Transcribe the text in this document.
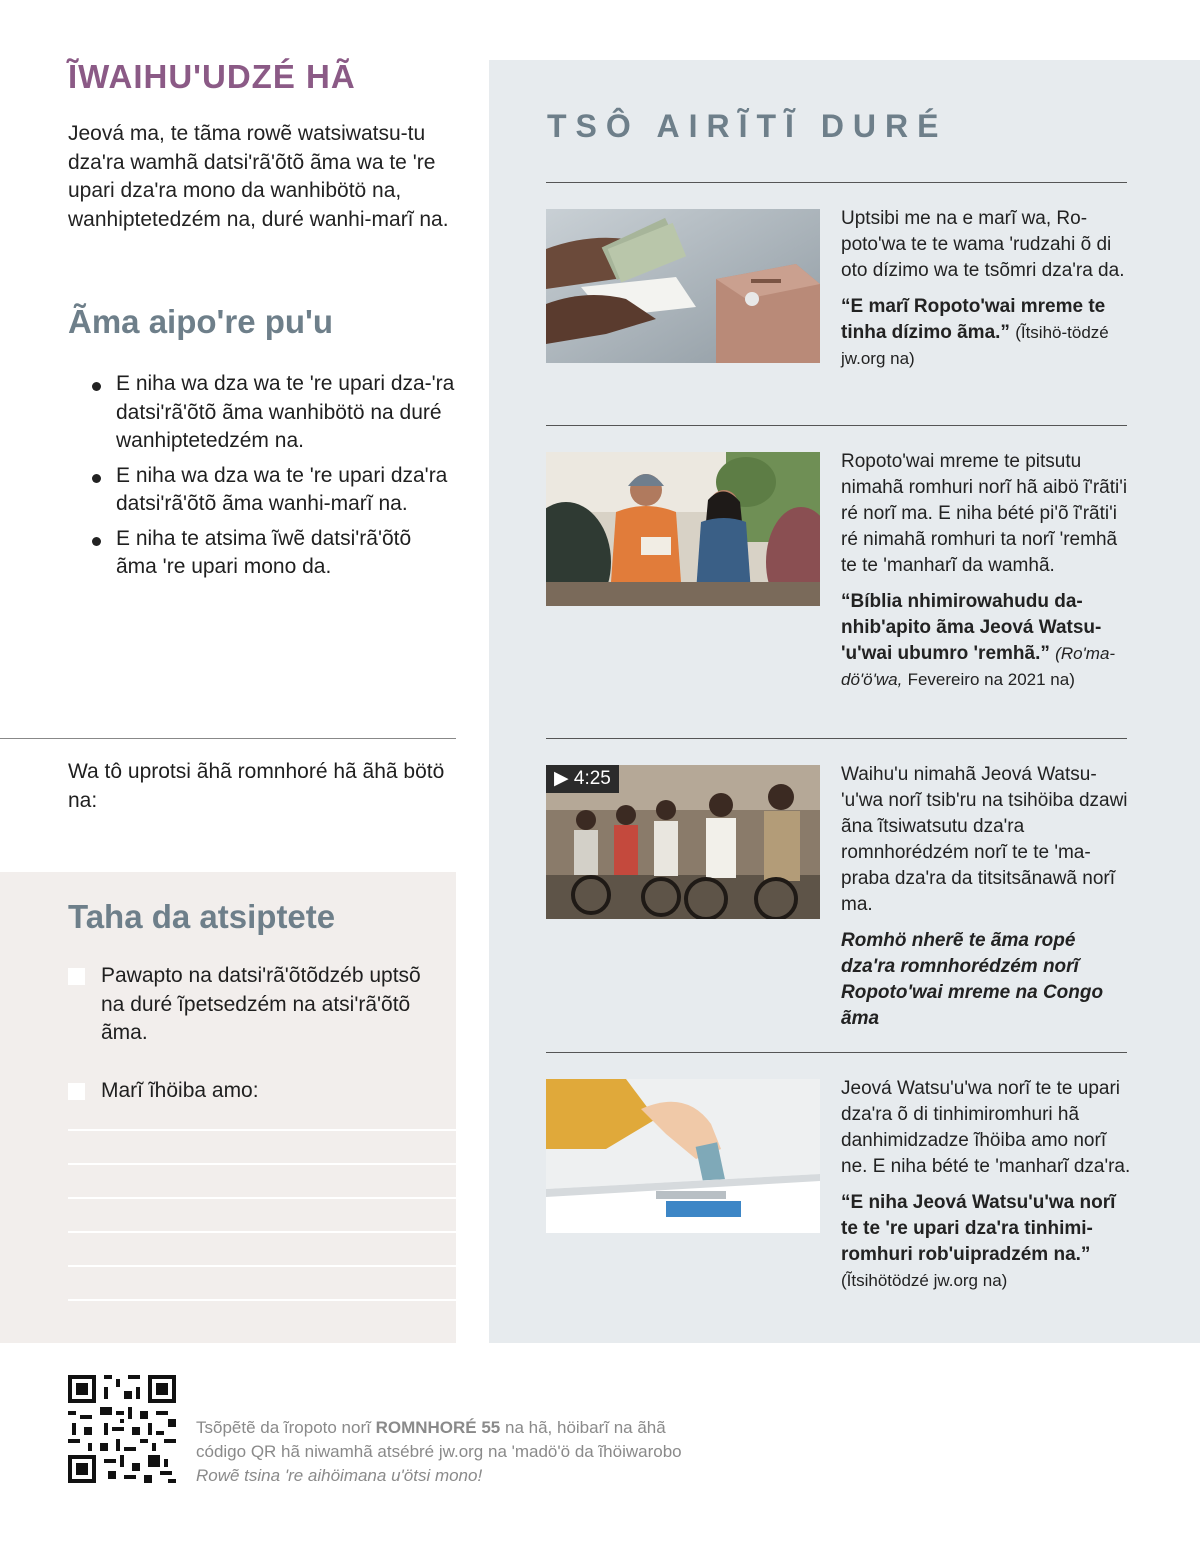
ĨWAIHU'UDZÉ HÃ

Jeová ma, te tãma rowẽ watsiwatsu-tu dza'ra wamhã datsi'rã'õtõ ãma wa te 're upari dza'ra mono da wanhibötö na, wanhiptetedzém na, duré wanhi-marĩ na.

Ãma aipo're pu'u
E niha wa dza wa te 're upari dza-'ra datsi'rã'õtõ ãma wanhibötö na duré wanhiptetedzém na.
E niha wa dza wa te 're upari dza'ra datsi'rã'õtõ ãma wanhi-marĩ na.
E niha te atsima ĩwẽ datsi'rã'õtõ ãma 're upari mono da.

Wa tô uprotsi ãhã romnhoré hã ãhã bötö na:

Taha da atsiptete
Pawapto na datsi'rã'õtõdzéb uptsõ na duré ĩpetsedzém na atsi'rã'õtõ ãma.
Marĩ ĩhöiba amo:
TSÔ AIRĨTĨ DURÉ
Uptsibi me na e marĩ wa, Ro-poto'wa te te wama 'rudzahi õ di oto dízimo wa te tsõmri dza'ra da.
“E marĩ Ropoto'wai mreme te tinha dízimo ãma.” (Ĩtsihö-tödzé jw.org na)
Ropoto'wai mreme te pitsutu nimahã romhuri norĩ hã aibö ĩ'rãti'i ré norĩ ma. E niha bété pi'õ ĩ'rãti'i ré nimahã romhuri ta norĩ 'remhã te te 'manharĩ da wamhã.
“Bíblia nhimirowahudu da-nhib'apito ãma Jeová Watsu-'u'wai ubumro 'remhã.” (Ro'ma-dö'ö'wa, Fevereiro na 2021 na)
▶ 4:25	Waihu'u nimahã Jeová Watsu-'u'wa norĩ tsib'ru na tsihöiba dzawi ãna ĩtsiwatsutu dza'ra romnhorédzém norĩ te te 'ma-praba dza'ra da titsitsãnawã norĩ ma.
Romhö nherẽ te ãma ropé dza'ra romnhorédzém norĩ Ropoto'wai mreme na Congo ãma
Jeová Watsu'u'wa norĩ te te upari dza'ra õ di tinhimiromhuri hã danhimidzadze ĩhöiba amo norĩ ne. E niha bété te 'manharĩ dza'ra.
“E niha Jeová Watsu'u'wa norĩ te te 're upari dza'ra tinhimi-romhuri rob'uipradzém na.” (Ĩtsihötödzé jw.org na)

Tsõpẽtẽ da ĩropoto norĩ ROMNHORÉ 55 na hã, höibarĩ na ãhã código QR hã niwamhã atsébré jw.org na 'madö'ö da ĩhöiwarobo Rowẽ tsina 're aihöimana u'ötsi mono!
